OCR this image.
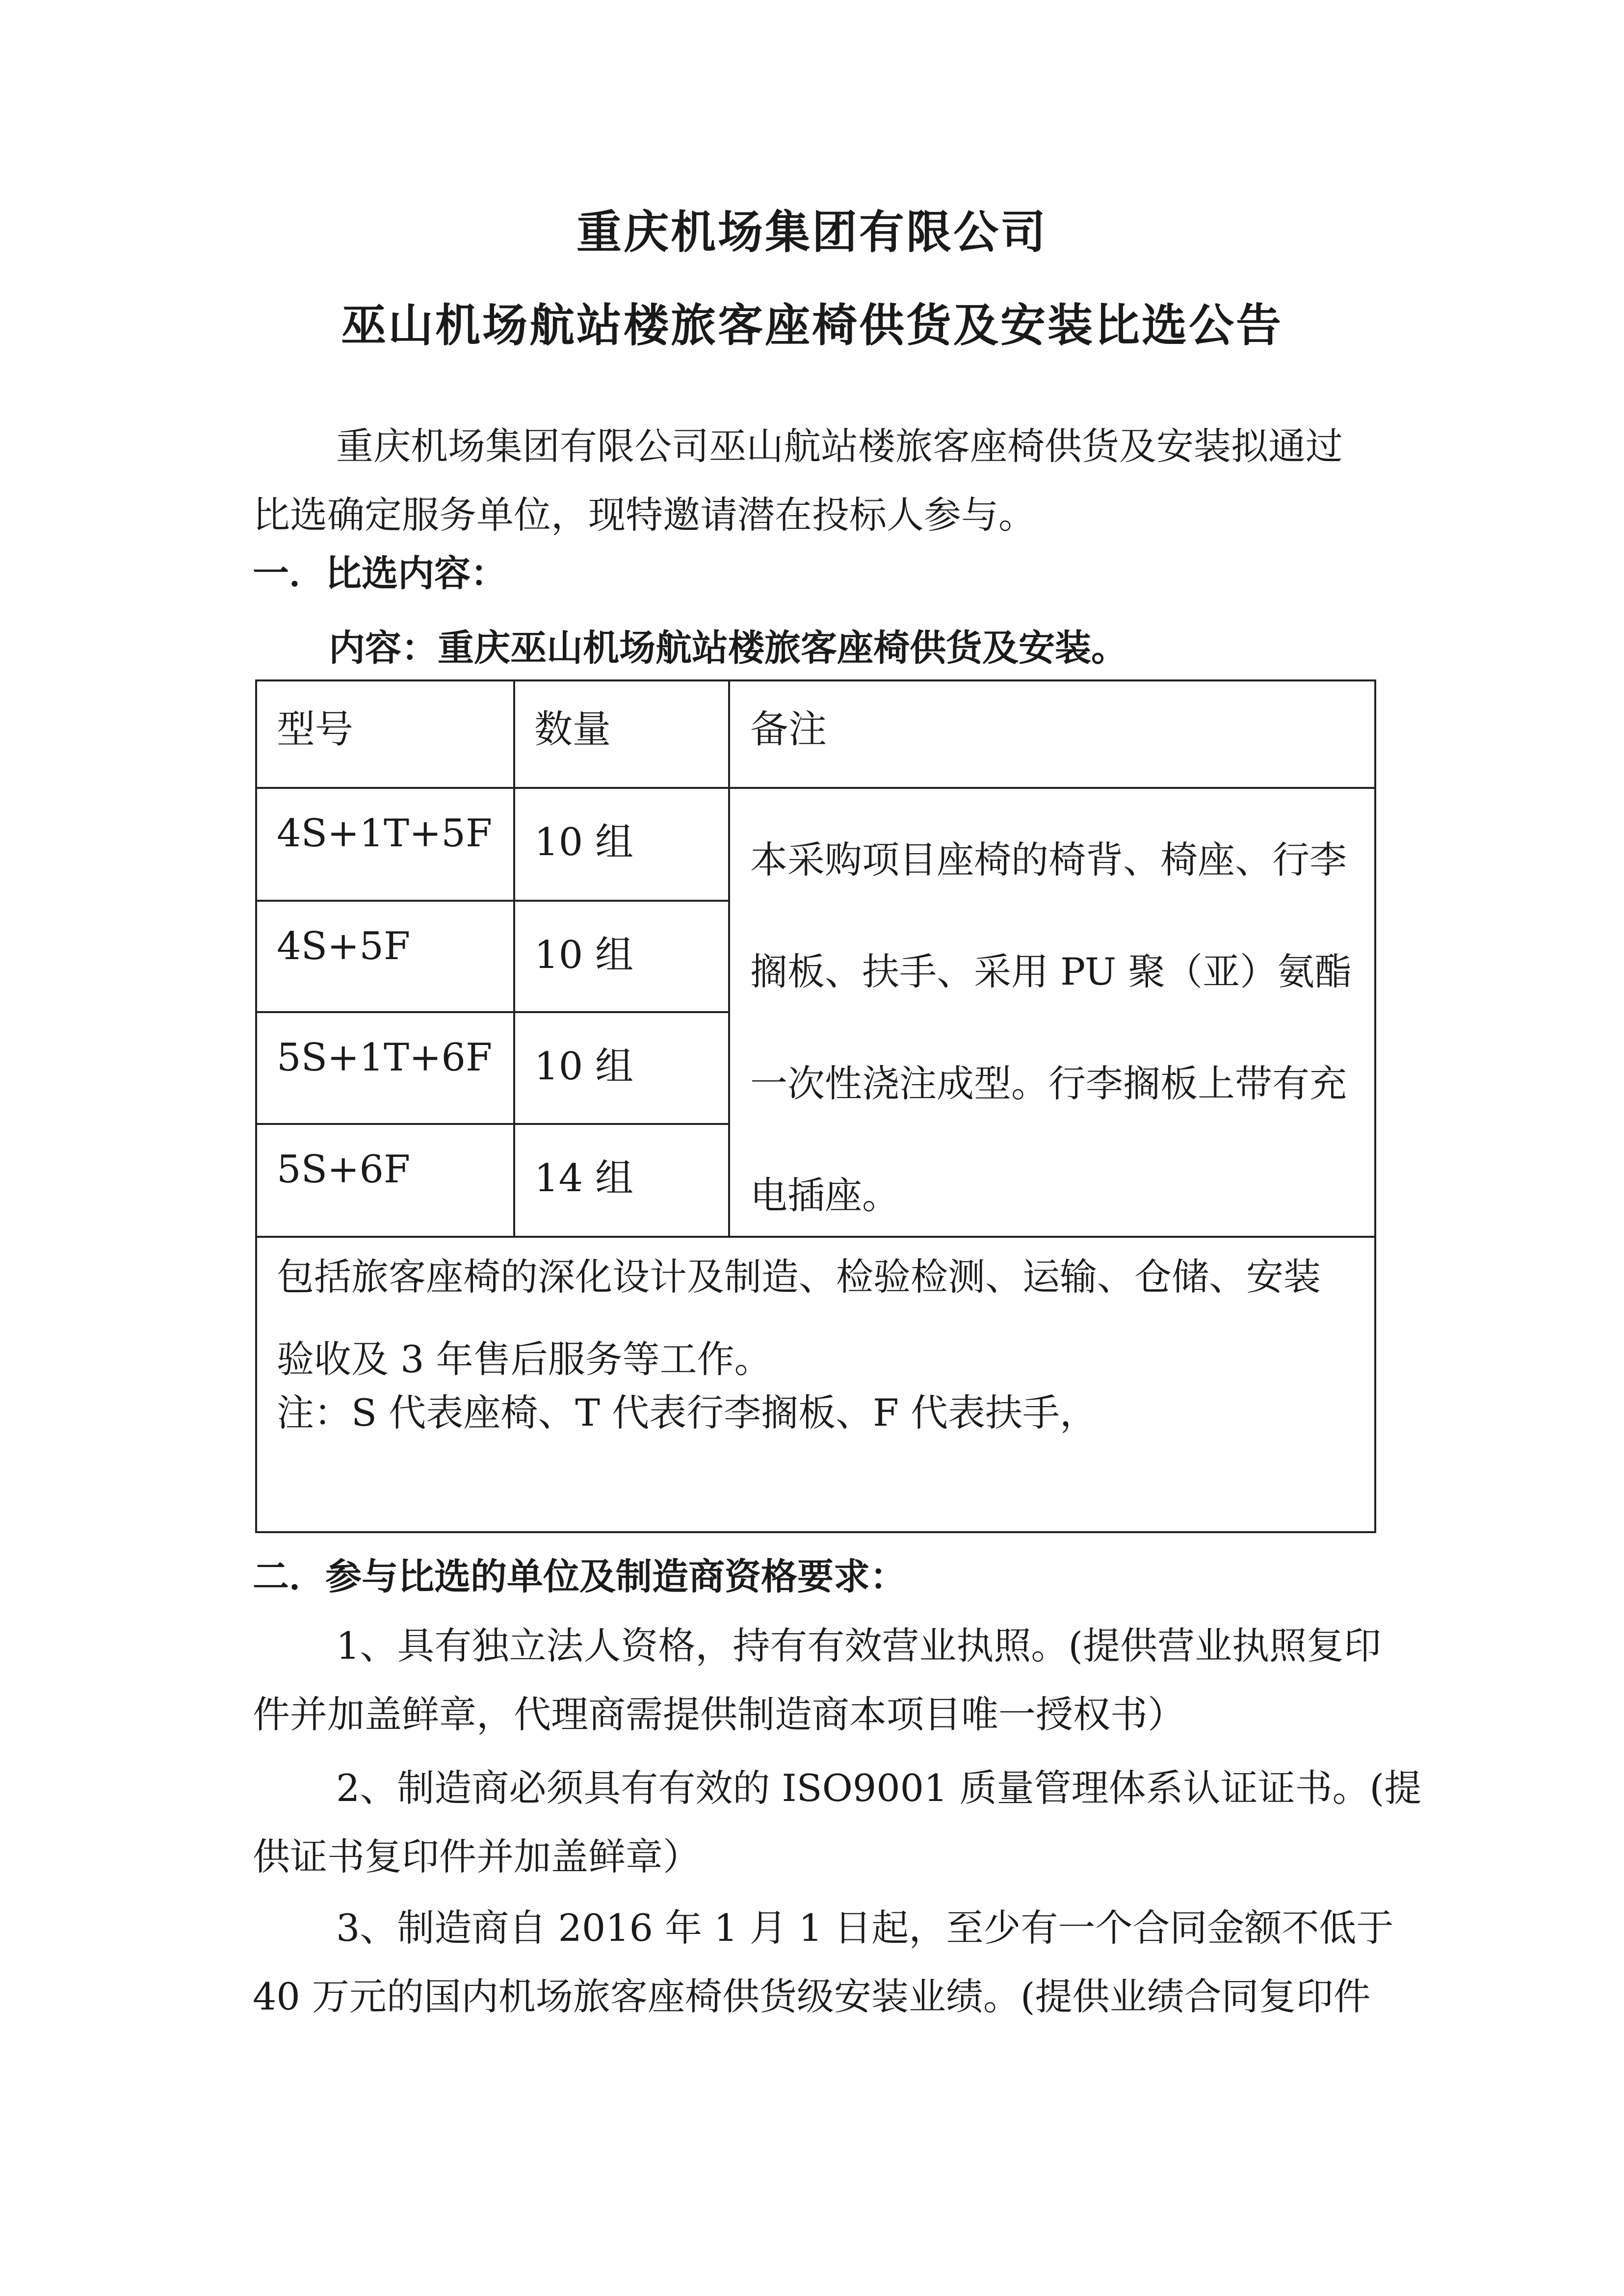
重庆机场集团有限公司
巫山机场航站楼旅客座椅供货及安装比选公告
重庆机场集团有限公司巫山航站楼旅客座椅供货及安装拟通过
比选确定服务单位，现特邀请潜在投标人参与。
一．比选内容：
内容：重庆巫山机场航站楼旅客座椅供货及安装。
型号	数量	备注
4S+1T+5F 10 组
4S+5F	10 组
5S+1T+6F 10 组
5S+6F	14 组
本采购项目座椅的椅背、椅座、行李搁板、扶手、采用 PU 聚（亚）氨酯一次性浇注成型。行李搁板上带有充电插座。
包括旅客座椅的深化设计及制造、检验检测、运输、仓储、安装验收及 3 年售后服务等工作。
注：S 代表座椅、T 代表行李搁板、F 代表扶手，
二．参与比选的单位及制造商资格要求：
1、具有独立法人资格，持有有效营业执照。(提供营业执照复印
件并加盖鲜章，代理商需提供制造商本项目唯一授权书）
2、制造商必须具有有效的 ISO9001 质量管理体系认证证书。(提
供证书复印件并加盖鲜章）
3、制造商自 2016 年 1 月 1 日起，至少有一个合同金额不低于
40 万元的国内机场旅客座椅供货级安装业绩。(提供业绩合同复印件
